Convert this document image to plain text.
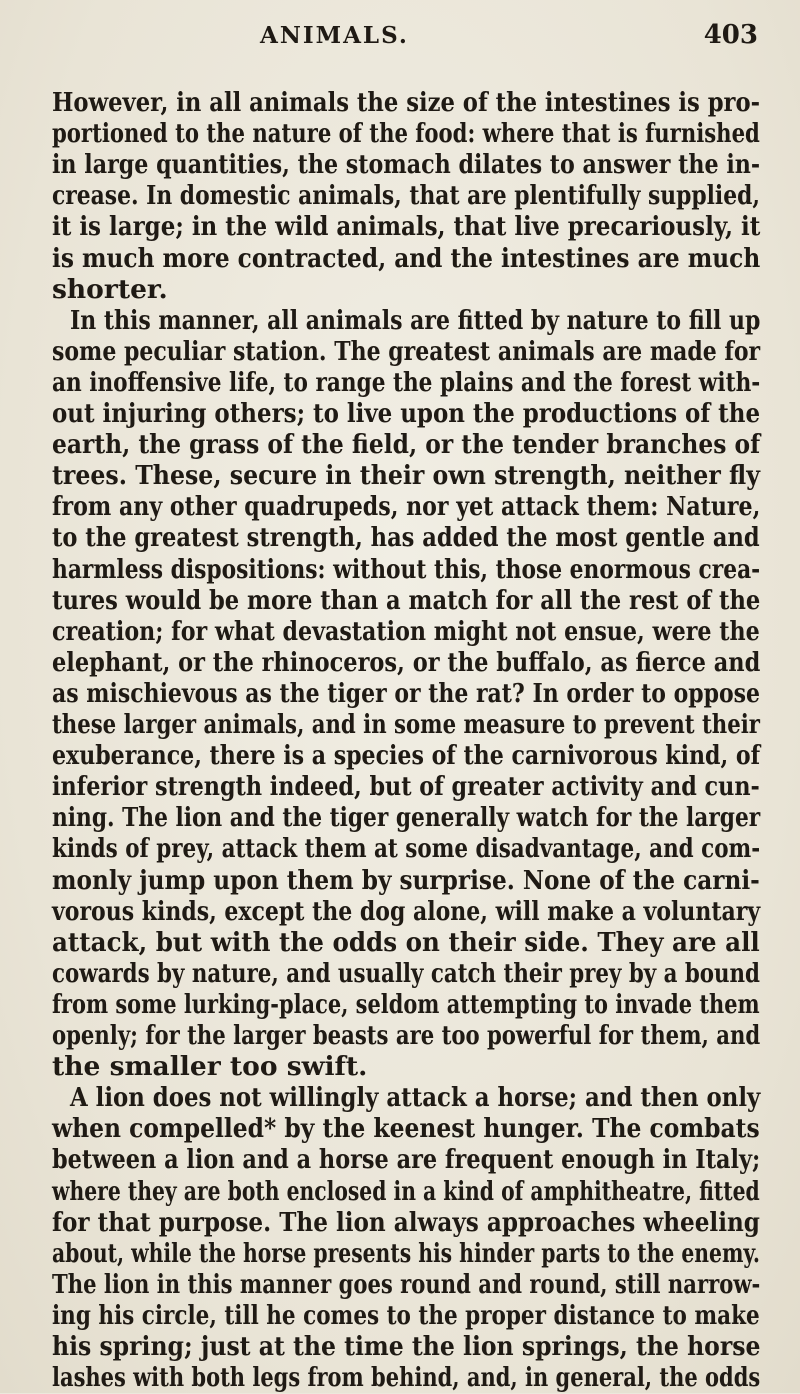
ANIMALS.	403
However, in all animals the size of the intestines is pro-
portioned to the nature of the food: where that is furnished
in large quantities, the stomach dilates to answer the in-
crease. In domestic animals, that are plentifully supplied,
it is large; in the wild animals, that live precariously, it
is much more contracted, and the intestines are much
shorter.
In this manner, all animals are fitted by nature to fill up
some peculiar station. The greatest animals are made for
an inoffensive life, to range the plains and the forest with-
out injuring others; to live upon the productions of the
earth, the grass of the field, or the tender branches of
trees. These, secure in their own strength, neither fly
from any other quadrupeds, nor yet attack them: Nature,
to the greatest strength, has added the most gentle and
harmless dispositions: without this, those enormous crea-
tures would be more than a match for all the rest of the
creation; for what devastation might not ensue, were the
elephant, or the rhinoceros, or the buffalo, as fierce and
as mischievous as the tiger or the rat? In order to oppose
these larger animals, and in some measure to prevent their
exuberance, there is a species of the carnivorous kind, of
inferior strength indeed, but of greater activity and cun-
ning. The lion and the tiger generally watch for the larger
kinds of prey, attack them at some disadvantage, and com-
monly jump upon them by surprise. None of the carni-
vorous kinds, except the dog alone, will make a voluntary
attack, but with the odds on their side. They are all
cowards by nature, and usually catch their prey by a bound
from some lurking-place, seldom attempting to invade them
openly; for the larger beasts are too powerful for them, and
the smaller too swift.
A lion does not willingly attack a horse; and then only
when compelled* by the keenest hunger. The combats
between a lion and a horse are frequent enough in Italy;
where they are both enclosed in a kind of amphitheatre, fitted
for that purpose. The lion always approaches wheeling
about, while the horse presents his hinder parts to the enemy.
The lion in this manner goes round and round, still narrow-
ing his circle, till he comes to the proper distance to make
his spring; just at the time the lion springs, the horse
lashes with both legs from behind, and, in general, the odds
